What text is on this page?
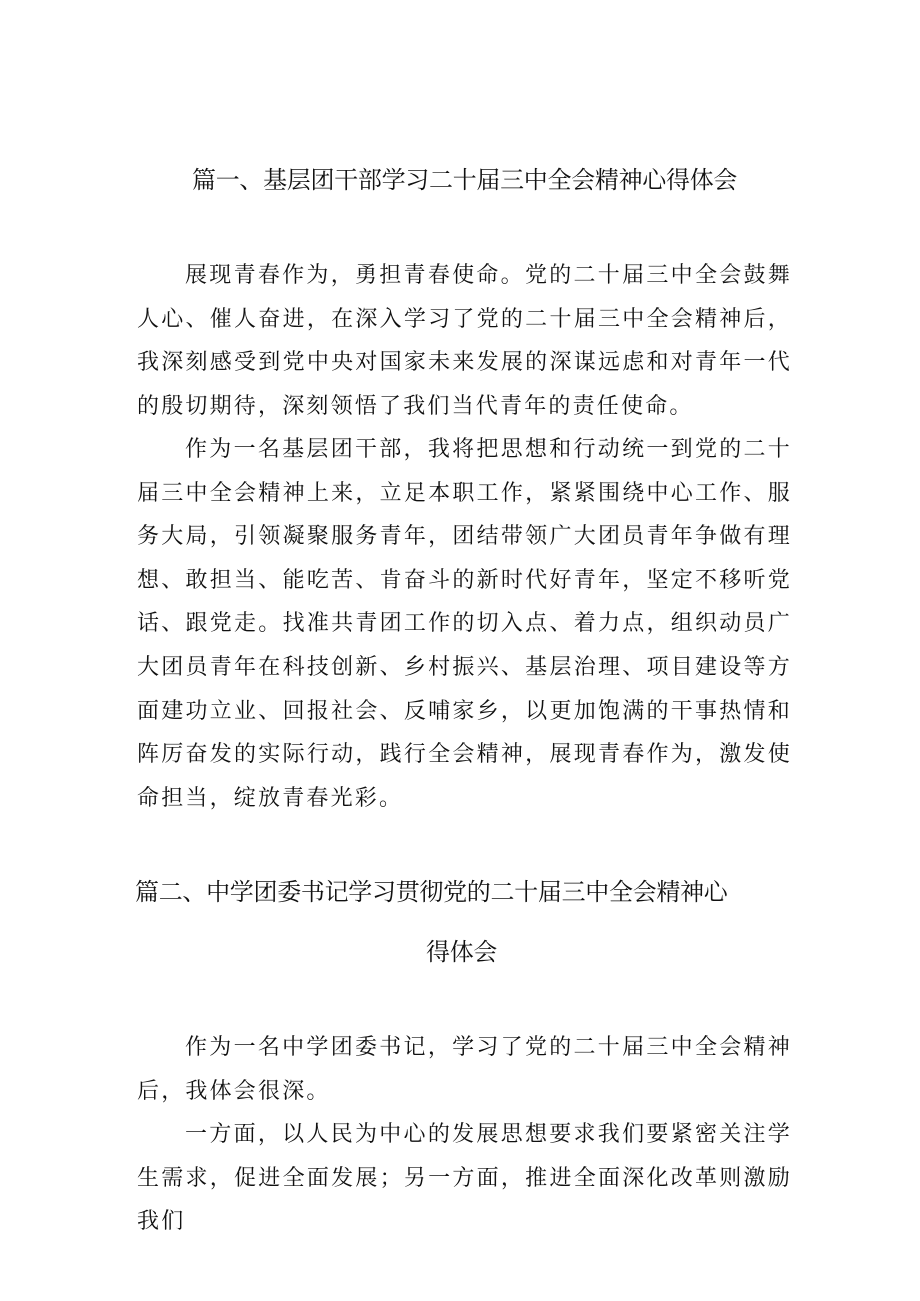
篇一、基层团干部学习二十届三中全会精神心得体会

展现青春作为，勇担青春使命。党的二十届三中全会鼓舞人心、催人奋进，在深入学习了党的二十届三中全会精神后，我深刻感受到党中央对国家未来发展的深谋远虑和对青年一代的殷切期待，深刻领悟了我们当代青年的责任使命。

作为一名基层团干部，我将把思想和行动统一到党的二十届三中全会精神上来，立足本职工作，紧紧围绕中心工作、服务大局，引领凝聚服务青年，团结带领广大团员青年争做有理想、敢担当、能吃苦、肯奋斗的新时代好青年，坚定不移听党话、跟党走。找准共青团工作的切入点、着力点，组织动员广大团员青年在科技创新、乡村振兴、基层治理、项目建设等方面建功立业、回报社会、反哺家乡，以更加饱满的干事热情和阵厉奋发的实际行动，践行全会精神，展现青春作为，激发使命担当，绽放青春光彩。

篇二、中学团委书记学习贯彻党的二十届三中全会精神心
得体会

作为一名中学团委书记，学习了党的二十届三中全会精神后，我体会很深。

一方面，以人民为中心的发展思想要求我们要紧密关注学生需求，促进全面发展；另一方面，推进全面深化改革则激励我们
